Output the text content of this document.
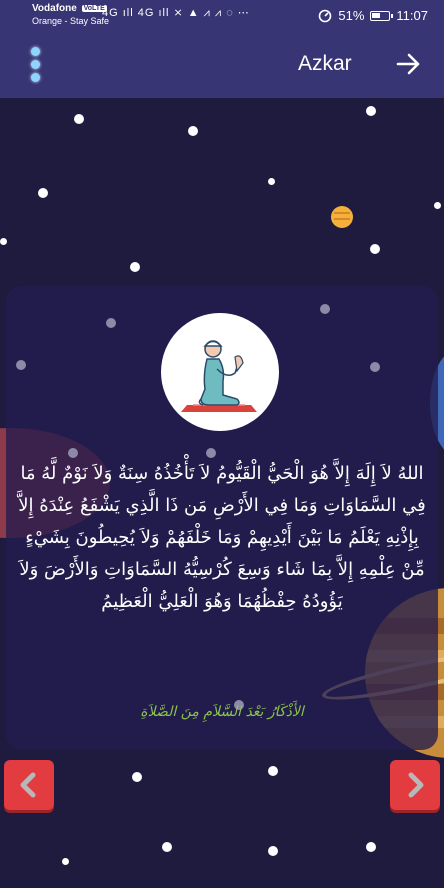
Vodafone VoLTE
Orange - Stay Safe
4G ıll 4G ıll ⨯ ▲ ⩘ ⩘ ◌ ⋯	51% 11:07
Azkar
اللهُ لاَ إِلَهَ إِلاَّ هُوَ الْحَيُّ الْقَيُّومُ لاَ تَأْخُذُهُ سِنَةٌ وَلاَ نَوْمٌ لَّهُ مَا فِي السَّمَاوَاتِ وَمَا فِي الأَرْضِ مَن ذَا الَّذِي يَشْفَعُ عِنْدَهُ إِلاَّ بِإِذْنِهِ يَعْلَمُ مَا بَيْنَ أَيْدِيهِمْ وَمَا خَلْفَهُمْ وَلاَ يُحِيطُونَ بِشَيْءٍ مِّنْ عِلْمِهِ إِلاَّ بِمَا شَاء وَسِعَ كُرْسِيُّهُ السَّمَاوَاتِ وَالأَرْضَ وَلاَ يَؤُودُهُ حِفْظُهُمَا وَهُوَ الْعَلِيُّ الْعَظِيمُ
الأَذْكَارُ بَعْدَ السَّلاَمِ مِنَ الصَّلاَةِ
